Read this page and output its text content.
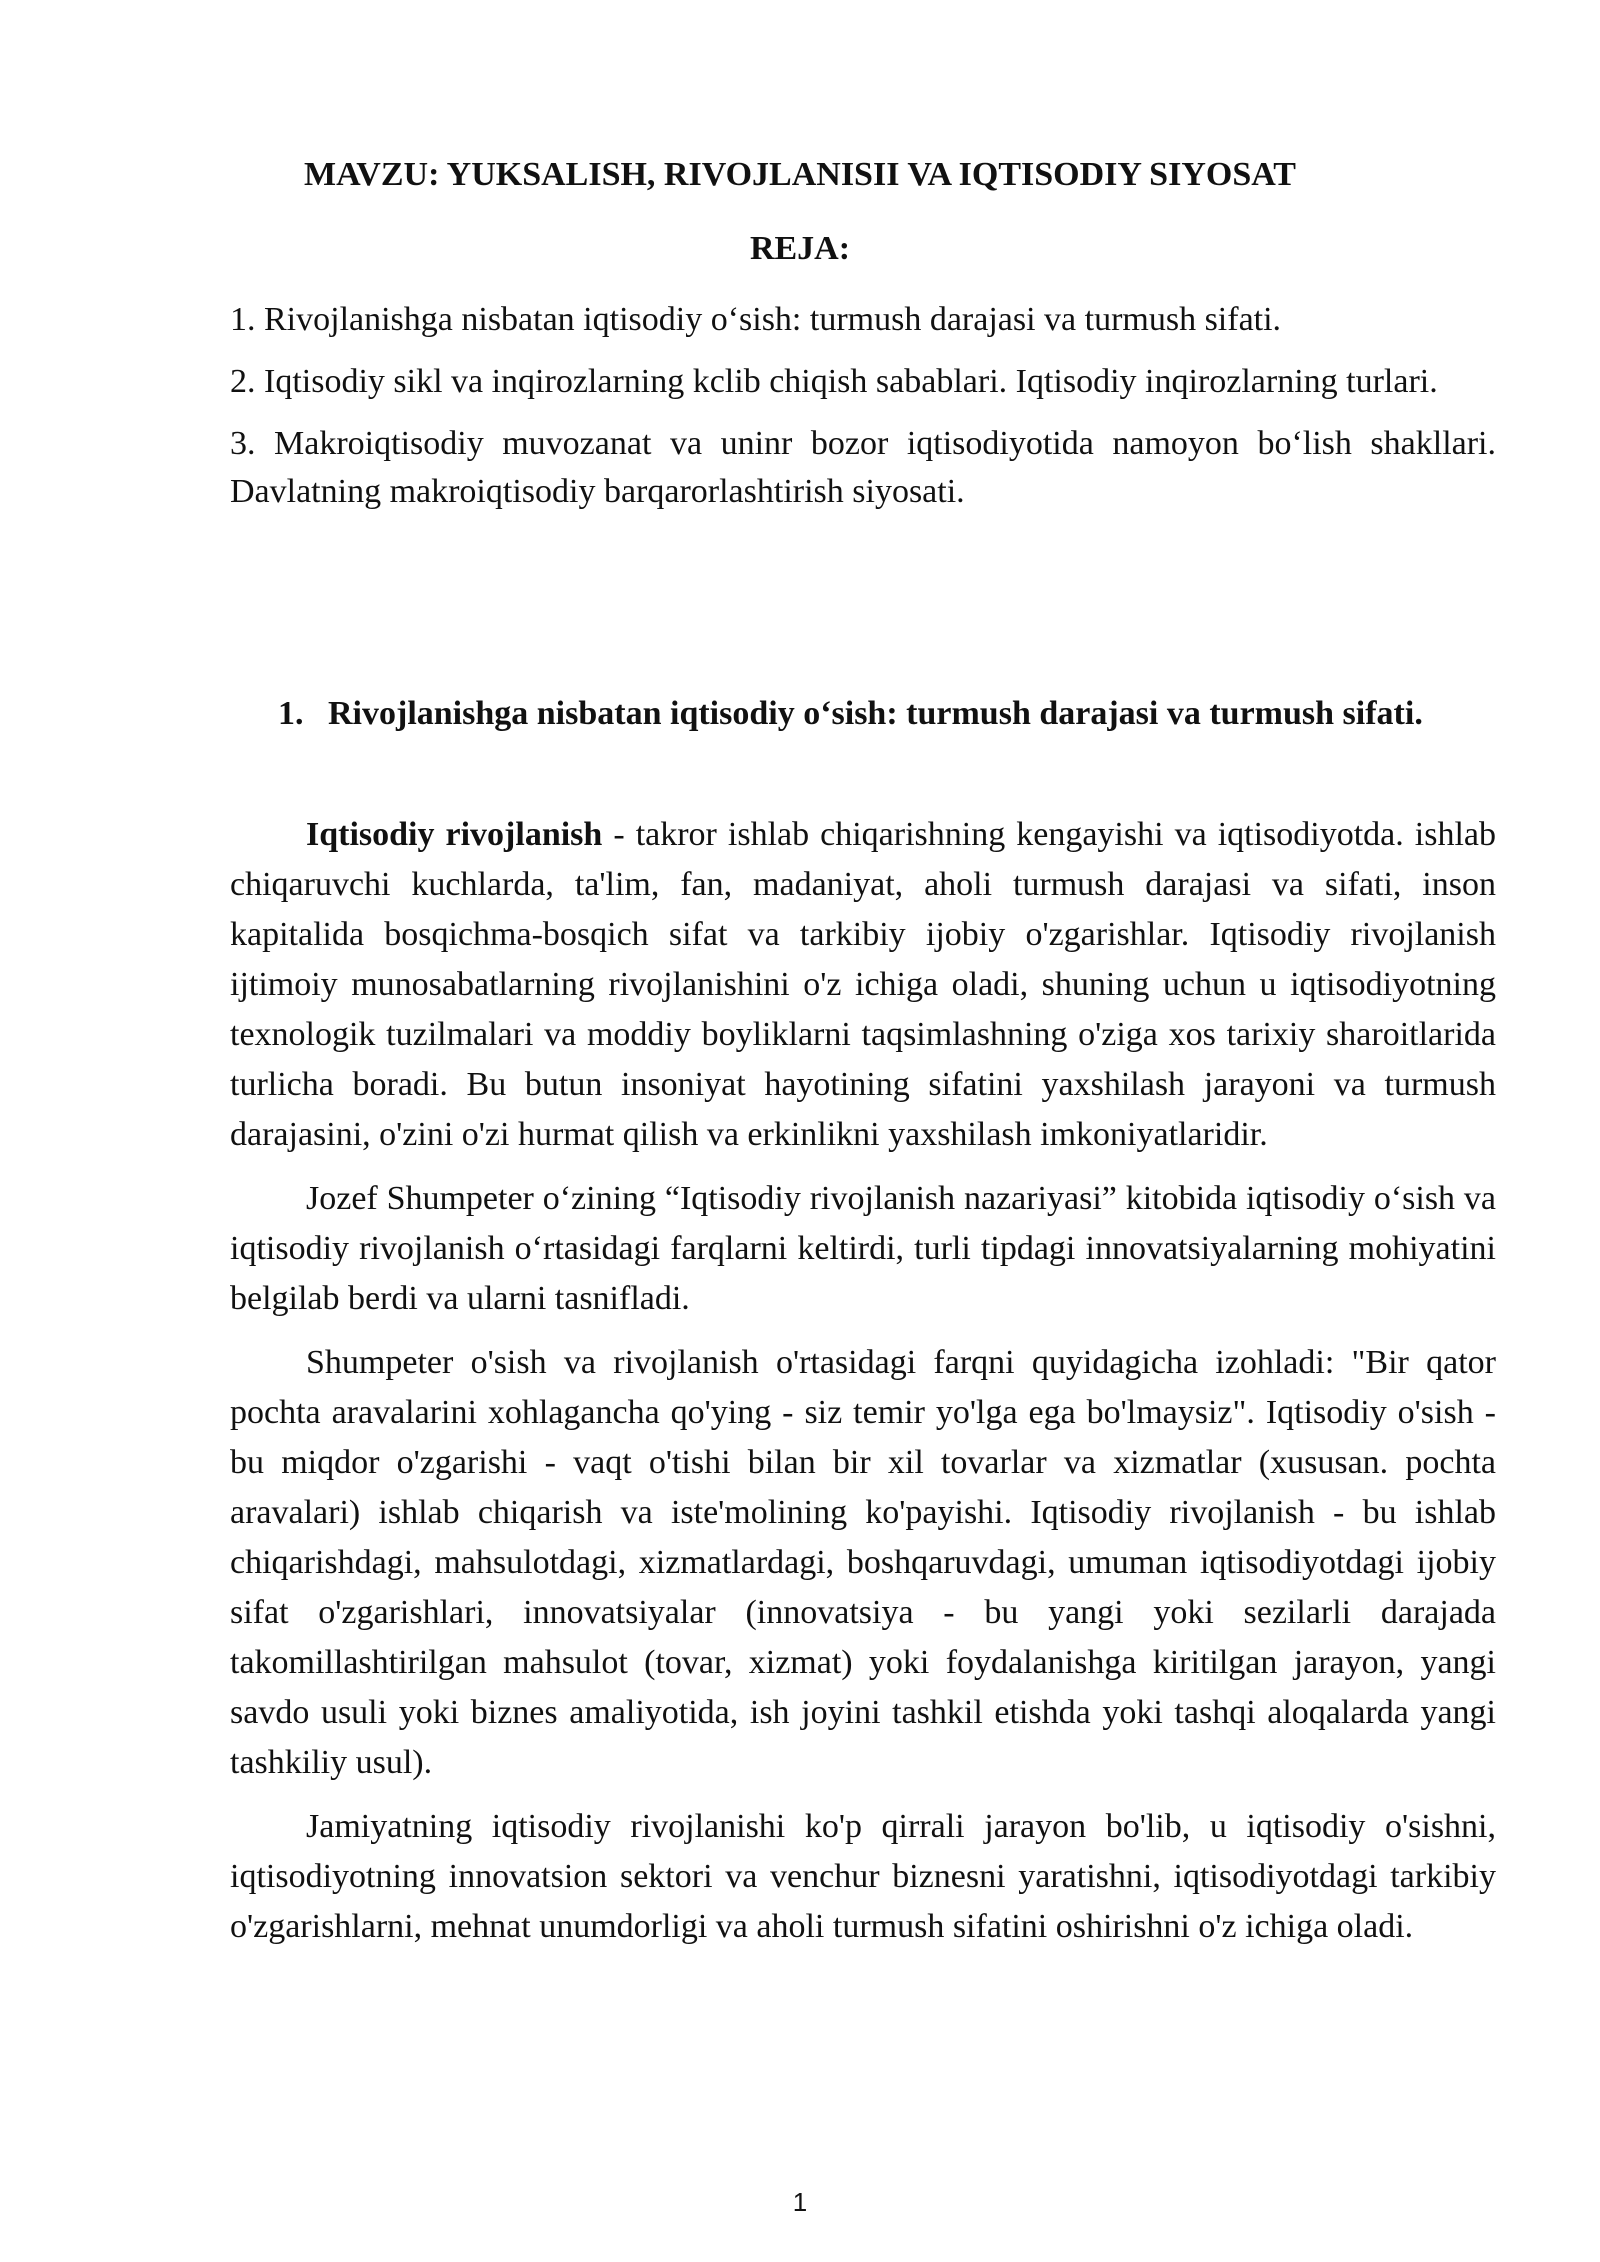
MAVZU: YUKSALISH, RIVOJLANISII VA IQTISODIY SIYOSAT
REJA:
1. Rivojlanishga nisbatan iqtisodiy o‘sish: turmush darajasi va turmush sifati.
2. Iqtisodiy sikl va inqirozlarning kclib chiqish sabablari. Iqtisodiy inqirozlarning turlari.
3. Makroiqtisodiy muvozanat va uninr bozor iqtisodiyotida namoyon bo‘lish shakllari. Davlatning makroiqtisodiy barqarorlashtirish siyosati.
1. Rivojlanishga nisbatan iqtisodiy o‘sish: turmush darajasi va turmush sifati.

Iqtisodiy rivojlanish - takror ishlab chiqarishning kengayishi va iqtisodiyotda. ishlab chiqaruvchi kuchlarda, ta'lim, fan, madaniyat, aholi turmush darajasi va sifati, inson kapitalida bosqichma-bosqich sifat va tarkibiy ijobiy o'zgarishlar. Iqtisodiy rivojlanish ijtimoiy munosabatlarning rivojlanishini o'z ichiga oladi, shuning uchun u iqtisodiyotning texnologik tuzilmalari va moddiy boyliklarni taqsimlashning o'ziga xos tarixiy sharoitlarida turlicha boradi. Bu butun insoniyat hayotining sifatini yaxshilash jarayoni va turmush darajasini, o'zini o'zi hurmat qilish va erkinlikni yaxshilash imkoniyatlaridir.

Jozef Shumpeter o‘zining “Iqtisodiy rivojlanish nazariyasi” kitobida iqtisodiy o‘sish va iqtisodiy rivojlanish o‘rtasidagi farqlarni keltirdi, turli tipdagi innovatsiyalarning mohiyatini belgilab berdi va ularni tasnifladi.

Shumpeter o'sish va rivojlanish o'rtasidagi farqni quyidagicha izohladi: "Bir qator pochta aravalarini xohlagancha qo'ying - siz temir yo'lga ega bo'lmaysiz". Iqtisodiy o'sish - bu miqdor o'zgarishi - vaqt o'tishi bilan bir xil tovarlar va xizmatlar (xususan. pochta aravalari) ishlab chiqarish va iste'molining ko'payishi. Iqtisodiy rivojlanish - bu ishlab chiqarishdagi, mahsulotdagi, xizmatlardagi, boshqaruvdagi, umuman iqtisodiyotdagi ijobiy sifat o'zgarishlari, innovatsiyalar (innovatsiya - bu yangi yoki sezilarli darajada takomillashtirilgan mahsulot (tovar, xizmat) yoki foydalanishga kiritilgan jarayon, yangi savdo usuli yoki biznes amaliyotida, ish joyini tashkil etishda yoki tashqi aloqalarda yangi tashkiliy usul).

Jamiyatning iqtisodiy rivojlanishi ko'p qirrali jarayon bo'lib, u iqtisodiy o'sishni, iqtisodiyotning innovatsion sektori va venchur biznesni yaratishni, iqtisodiyotdagi tarkibiy o'zgarishlarni, mehnat unumdorligi va aholi turmush sifatini oshirishni o'z ichiga oladi.

1
